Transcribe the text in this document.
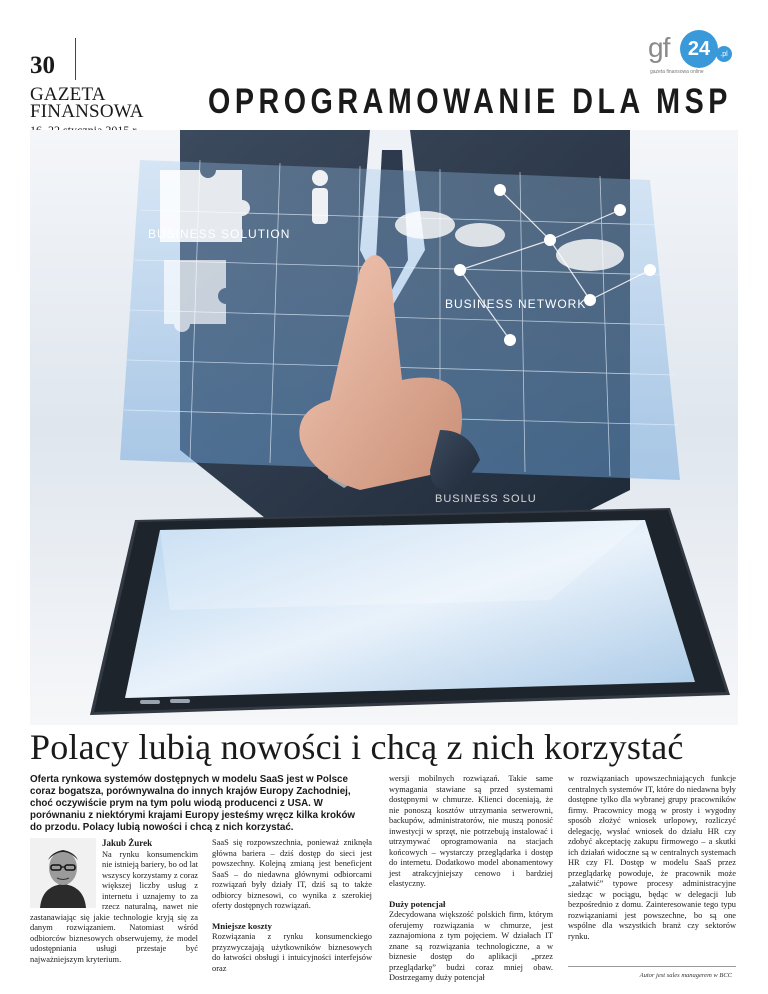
30
GAZETA
FINANSOWA OPROGRAMOWANIE DLA MSP
gf 24	.pl
gazeta finansowa online
BUSINESS SOLUTION
BUSINESS NETWORK
BUSINESS SOLU
Polacy lubią nowości i chcą z nich korzystać
Oferta rynkowa systemów dostępnych w modelu SaaS jest w Polsce coraz bogatsza, porównywalna do innych krajów Europy Zachodniej, choć oczywiście prym na tym polu wiodą producenci z USA. W porównaniu z niektórymi krajami Europy jesteśmy wręcz kilka kroków do przodu. Polacy lubią nowości i chcą z nich korzystać.
Jakub Żurek

Na rynku konsumenckim nie istnieją bariery, bo od lat wszyscy korzystamy z coraz większej liczby usług z internetu i uznajemy to za rzecz naturalną, nawet nie zastanawiając się jakie technologie kryją się za danym rozwiązaniem. Natomiast wśród odbiorców biznesowych obserwujemy, że model udostępniania usługi przestaje być najważniejszym kryterium.

SaaS się rozpowszechnia, ponieważ zniknęła główna bariera – dziś dostęp do sieci jest powszechny. Kolejną zmianą jest beneficjent SaaS – do niedawna głównymi odbiorcami rozwiązań były działy IT, dziś są to także odbiorcy biznesowi, co wynika z szerokiej oferty dostępnych rozwiązań.

Mniejsze koszty

Rozwiązania z rynku konsumenckiego przyzwyczajają użytkowników biznesowych do łatwości obsługi i intuicyjności interfejsów oraz

wersji mobilnych rozwiązań. Takie same wymagania stawiane są przed systemami dostępnymi w chmurze. Klienci doceniają, że nie ponoszą kosztów utrzymania serwerowni, backupów, administratorów, nie muszą ponosić inwestycji w sprzęt, nie potrzebują instalować i utrzymywać oprogramowania na stacjach końcowych – wystarczy przeglądarka i dostęp do internetu. Dodatkowo model abonamentowy jest atrakcyjniejszy cenowo i bardziej elastyczny.

Duży potencjał

Zdecydowana większość polskich firm, którym oferujemy rozwiązania w chmurze, jest zaznajomiona z tym pojęciem. W działach IT znane są rozwiązania technologiczne, a w biznesie dostęp do aplikacji „przez przeglądarkę” budzi coraz mniej obaw. Dostrzegamy duży potencjał

w rozwiązaniach upowszechniających funkcje centralnych systemów IT, które do niedawna były dostępne tylko dla wybranej grupy pracowników firmy. Pracownicy mogą w prosty i wygodny sposób złożyć wniosek urlopowy, rozliczyć delegację, wysłać wniosek do działu HR czy zdobyć akceptację zakupu firmowego – a skutki ich działań widoczne są w centralnych systemach HR czy FI. Dostęp w modelu SaaS przez przeglądarkę powoduje, że pracownik może „załatwić” typowe procesy administracyjne siedząc w pociągu, będąc w delegacji lub bezpośrednio z domu. Zainteresowanie tego typu rozwiązaniami jest powszechne, bo są one wspólne dla wszystkich branż czy sektorów rynku.

Autor jest sales managerem w BCC
